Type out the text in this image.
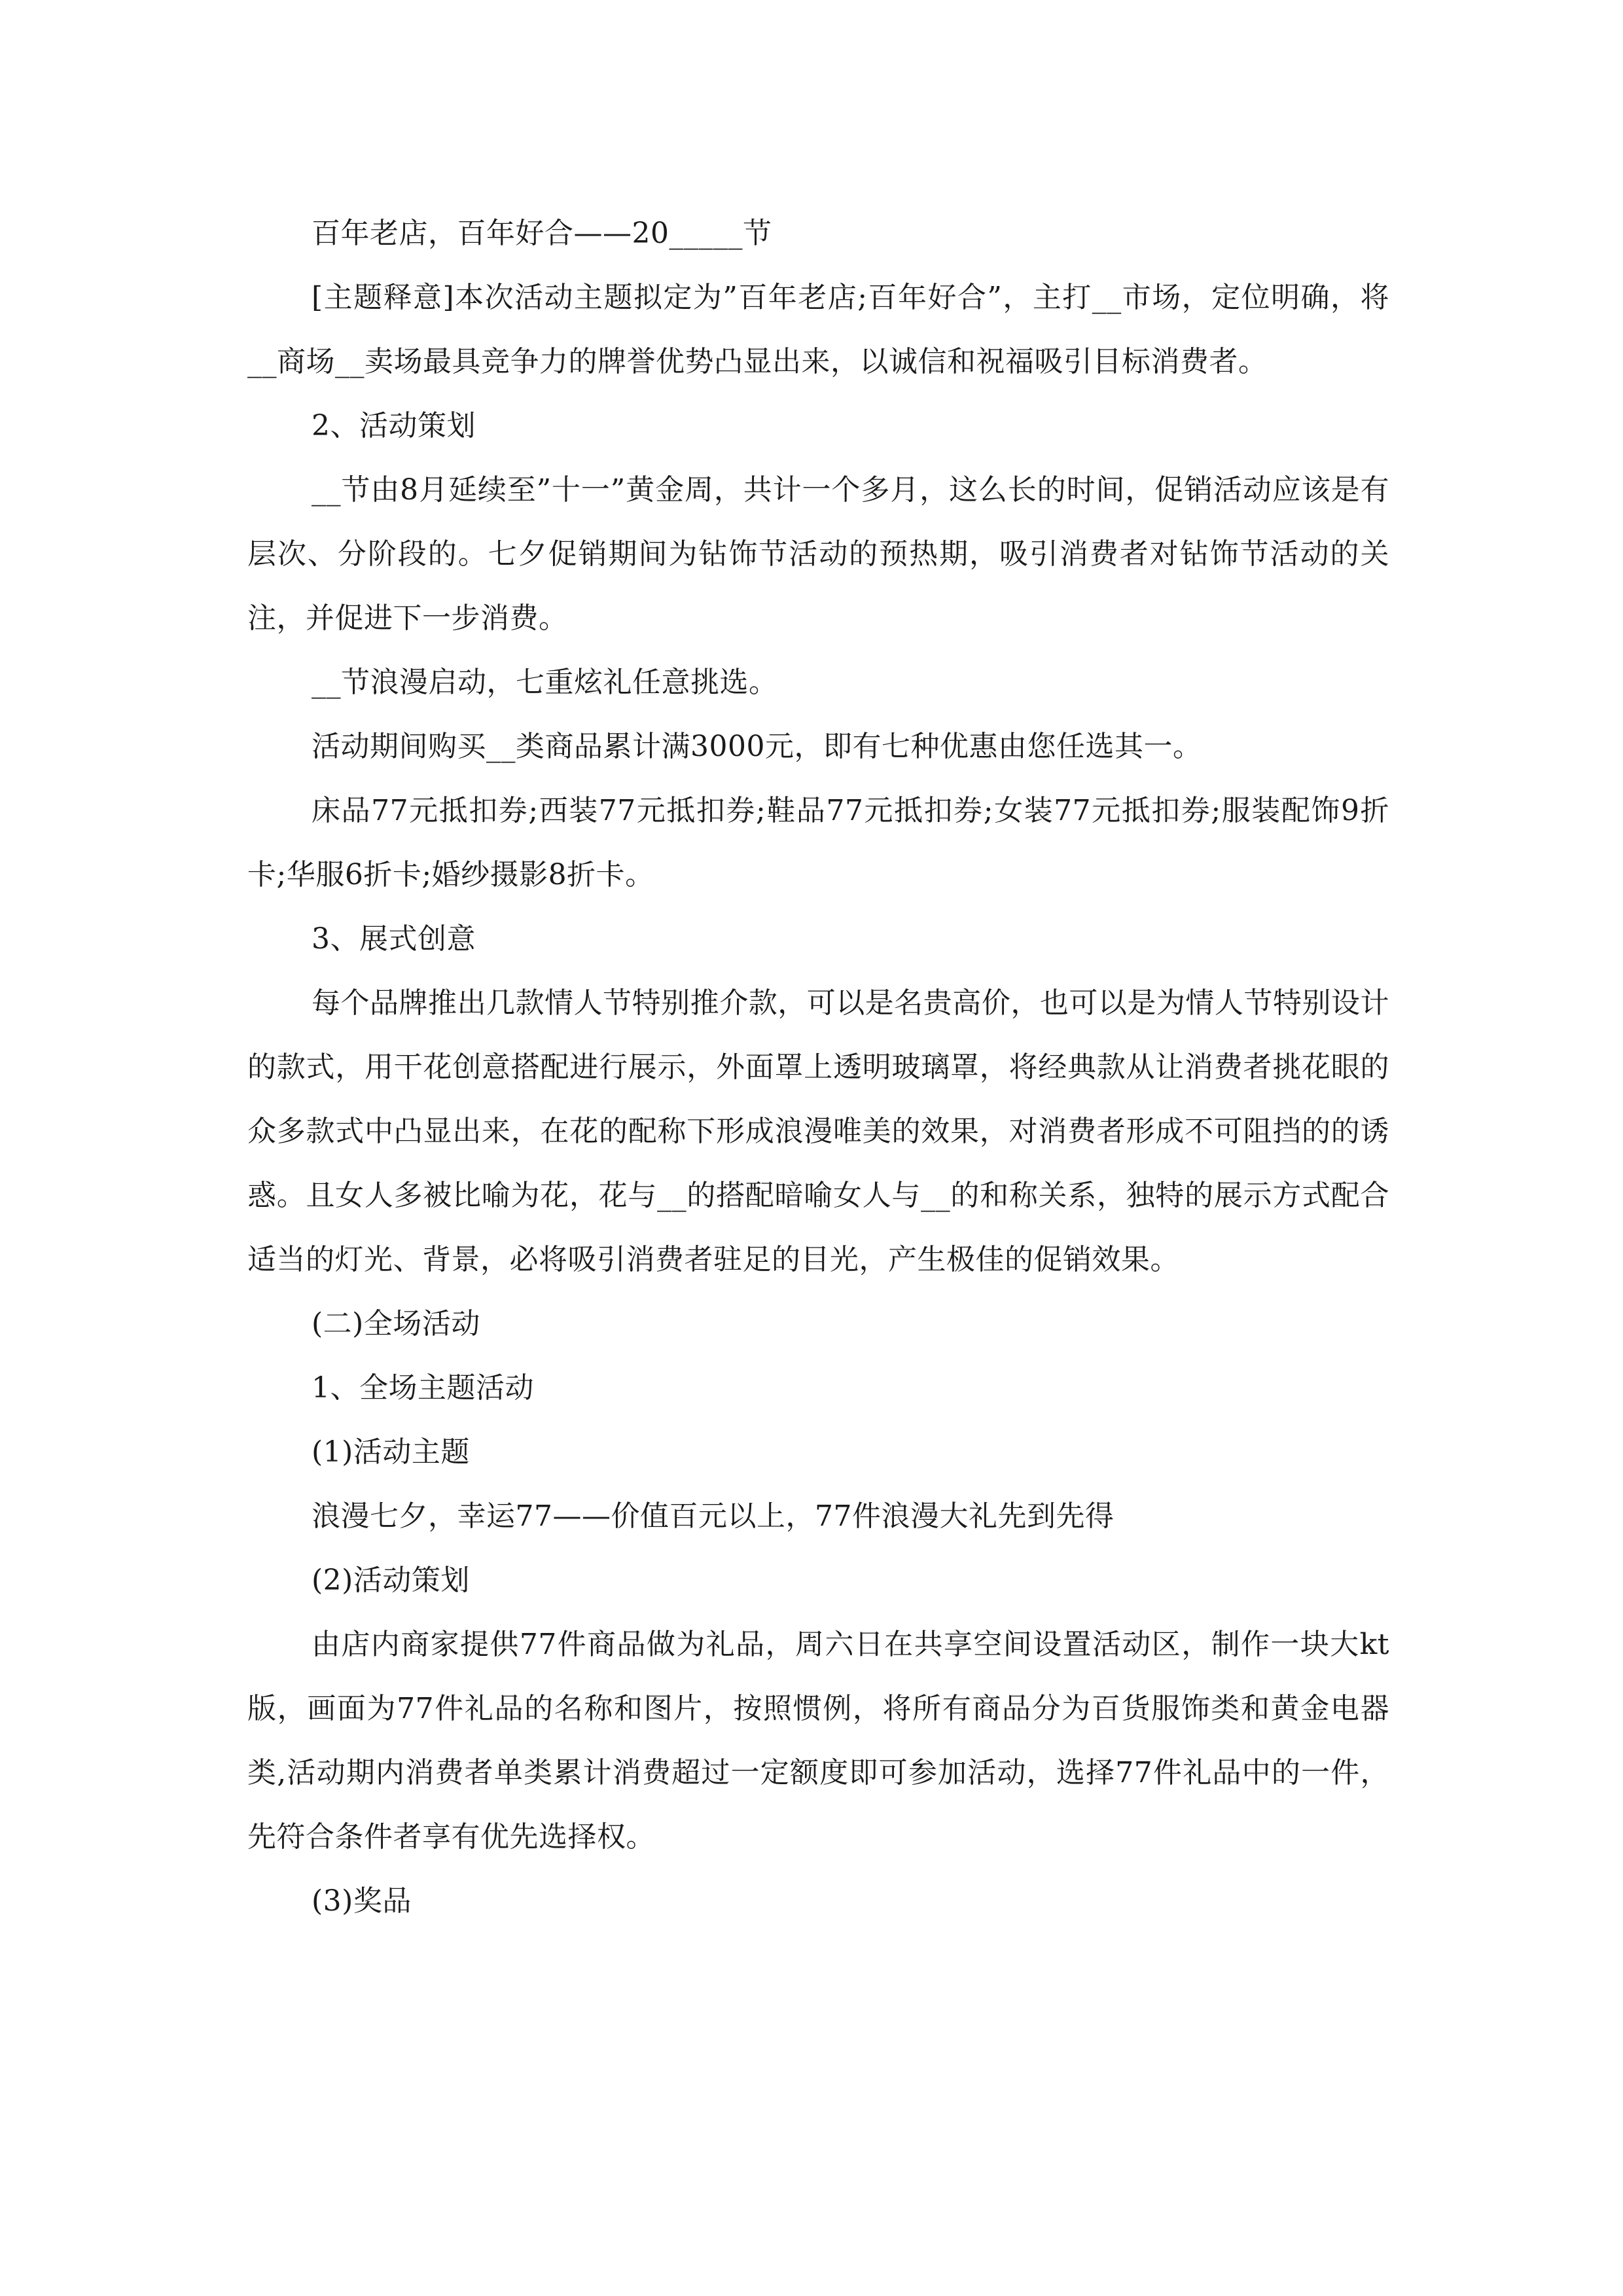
百年老店，百年好合——20_____节

[主题释意]本次活动主题拟定为”百年老店;百年好合”，主打__市场，定位明确，将__商场__卖场最具竞争力的牌誉优势凸显出来，以诚信和祝福吸引目标消费者。

2、活动策划

__节由8月延续至”十一”黄金周，共计一个多月，这么长的时间，促销活动应该是有层次、分阶段的。七夕促销期间为钻饰节活动的预热期，吸引消费者对钻饰节活动的关注，并促进下一步消费。

__节浪漫启动，七重炫礼任意挑选。

活动期间购买__类商品累计满3000元，即有七种优惠由您任选其一。

床品77元抵扣券;西装77元抵扣券;鞋品77元抵扣券;女装77元抵扣券;服装配饰9折卡;华服6折卡;婚纱摄影8折卡。

3、展式创意

每个品牌推出几款情人节特别推介款，可以是名贵高价，也可以是为情人节特别设计的款式，用干花创意搭配进行展示，外面罩上透明玻璃罩，将经典款从让消费者挑花眼的众多款式中凸显出来，在花的配称下形成浪漫唯美的效果，对消费者形成不可阻挡的的诱惑。且女人多被比喻为花，花与__的搭配暗喻女人与__的和称关系，独特的展示方式配合适当的灯光、背景，必将吸引消费者驻足的目光，产生极佳的促销效果。

(二)全场活动

1、全场主题活动

(1)活动主题

浪漫七夕，幸运77——价值百元以上，77件浪漫大礼先到先得

(2)活动策划

由店内商家提供77件商品做为礼品，周六日在共享空间设置活动区，制作一块大kt版，画面为77件礼品的名称和图片，按照惯例，将所有商品分为百货服饰类和黄金电器类,活动期内消费者单类累计消费超过一定额度即可参加活动，选择77件礼品中的一件，先符合条件者享有优先选择权。

(3)奖品
